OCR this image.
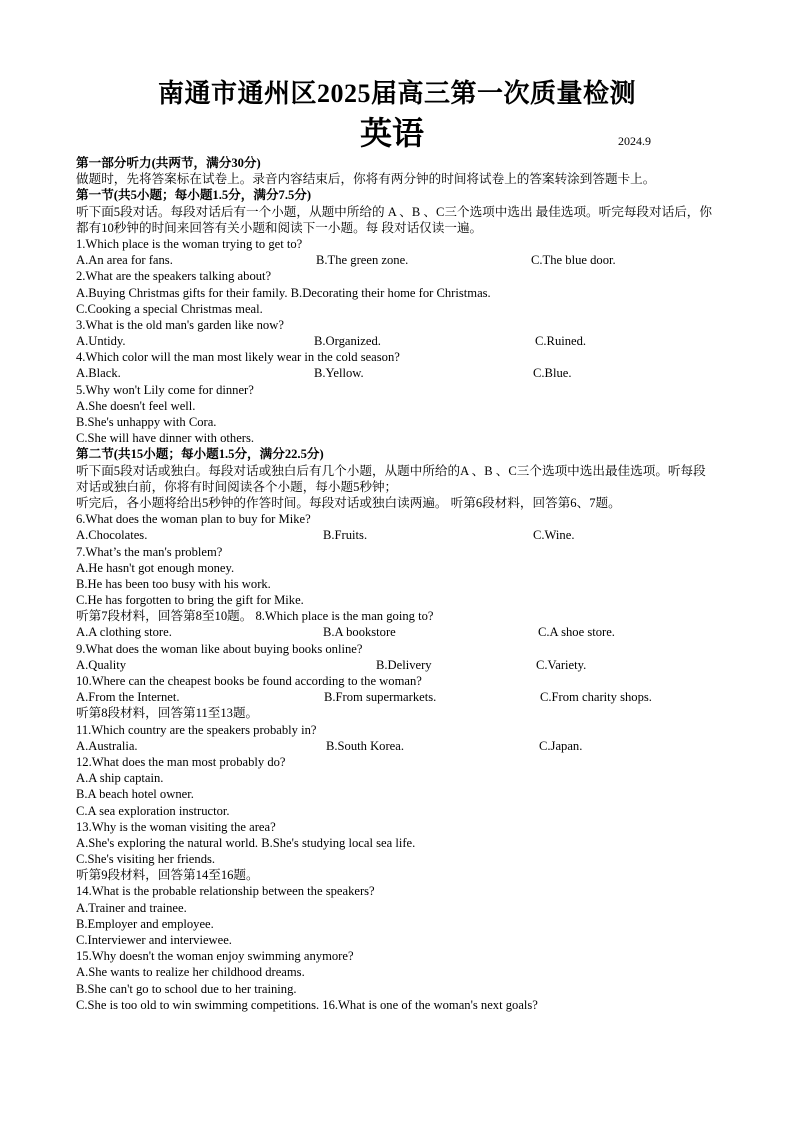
南通市通州区2025届高三第一次质量检测
英语	2024.9
第一部分听力(共两节，满分30分)
做题时，先将答案标在试卷上。录音内容结束后，你将有两分钟的时间将试卷上的答案转涂到答题卡上。
第一节(共5小题；每小题1.5分，满分7.5分)
听下面5段对话。每段对话后有一个小题，从题中所给的 A 、B 、C三个选项中选出 最佳选项。听完每段对话后，你都有10秒钟的时间来回答有关小题和阅读下一小题。每 段对话仅读一遍。
1.Which place is the woman trying to get to?
A.An area for fans.	B.The green zone.	C.The blue door.
2.What are the speakers talking about?
A.Buying Christmas gifts for their family. B.Decorating their home for Christmas.
C.Cooking a special Christmas meal.
3.What is the old man's garden like now?
A.Untidy.	B.Organized.	C.Ruined.
4.Which color will the man most likely wear in the cold season?
A.Black.	B.Yellow.	C.Blue.
5.Why won't Lily come for dinner?
A.She doesn't feel well.
B.She's unhappy with Cora.
C.She will have dinner with others.
第二节(共15小题；每小题1.5分，满分22.5分)
听下面5段对话或独白。每段对话或独白后有几个小题，从题中所给的A 、B 、C三个选项中选出最佳选项。听每段对话或独白前，你将有时间阅读各个小题，每小题5秒钟；
听完后，各小题将给出5秒钟的作答时间。每段对话或独白读两遍。 听第6段材料，回答第6、7题。
6.What does the woman plan to buy for Mike?
A.Chocolates.	B.Fruits.	C.Wine.
7.What’s the man's problem?
A.He hasn't got enough money.
B.He has been too busy with his work.
C.He has forgotten to bring the gift for Mike.
听第7段材料，回答第8至10题。 8.Which place is the man going to?
A.A clothing store.	B.A bookstore	C.A shoe store.
9.What does the woman like about buying books online?
A.Quality	B.Delivery	C.Variety.
10.Where can the cheapest books be found according to the woman?
A.From the Internet.	B.From supermarkets.	C.From charity shops.
听第8段材料，回答第11至13题。
11.Which country are the speakers probably in?
A.Australia.	B.South Korea.	C.Japan.
12.What does the man most probably do?
A.A ship captain.
B.A beach hotel owner.
C.A sea exploration instructor.
13.Why is the woman visiting the area?
A.She's exploring the natural world. B.She's studying local sea life.
C.She's visiting her friends.
听第9段材料，回答第14至16题。
14.What is the probable relationship between the speakers?
A.Trainer and trainee.
B.Employer and employee.
C.Interviewer and interviewee.
15.Why doesn't the woman enjoy swimming anymore?
A.She wants to realize her childhood dreams.
B.She can't go to school due to her training.
C.She is too old to win swimming competitions. 16.What is one of the woman's next goals?
